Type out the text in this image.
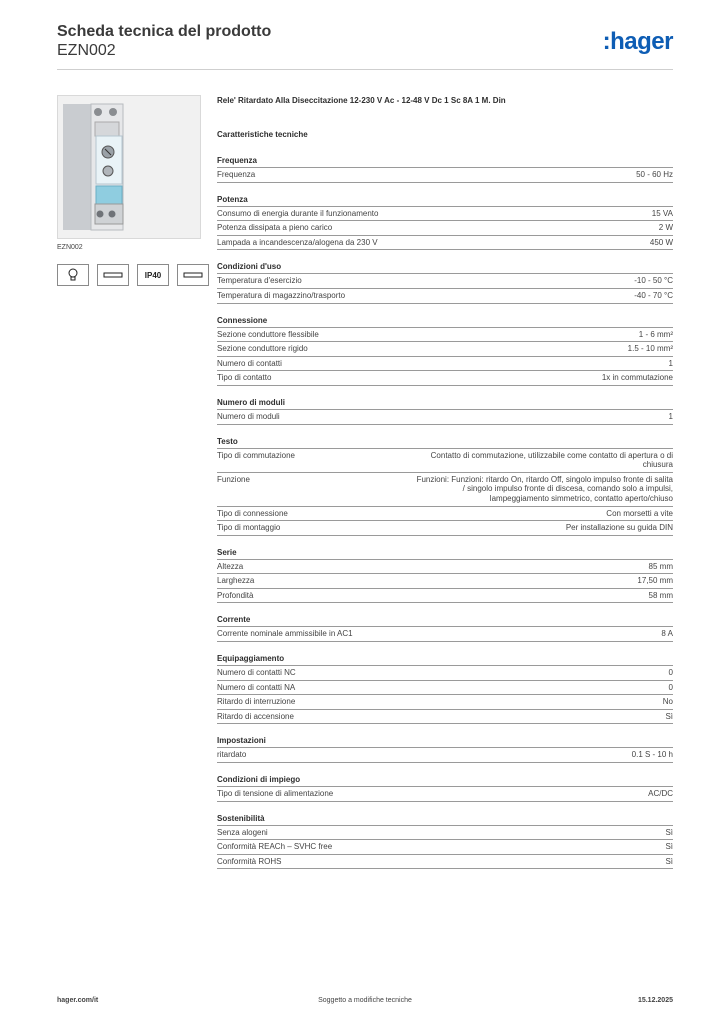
Scheda tecnica del prodotto
EZN002	:hager
EZN002
IP40
Rele' Ritardato Alla Diseccitazione 12-230 V Ac - 12-48 V Dc 1 Sc 8A 1 M. Din
Caratteristiche tecniche
Frequenza
Frequenza	50 - 60 Hz
Potenza
Consumo di energia durante il funzionamento	15 VA
Potenza dissipata a pieno carico	2 W
Lampada a incandescenza/alogena da 230 V	450 W
Condizioni d'uso
Temperatura d'esercizio	-10 - 50 °C
Temperatura di magazzino/trasporto	-40 - 70 °C
Connessione
Sezione conduttore flessibile	1 - 6 mm²
Sezione conduttore rigido	1.5 - 10 mm²
Numero di contatti	1
Tipo di contatto	1x in commutazione
Numero di moduli
Numero di moduli	1
Testo
Tipo di commutazione	Contatto di commutazione, utilizzabile come contatto di apertura o di chiusura
Funzione	Funzioni: Funzioni: ritardo On, ritardo Off, singolo impulso fronte di salita / singolo impulso fronte di discesa, comando solo a impulsi, lampeggiamento simmetrico, contatto aperto/chiuso
Tipo di connessione	Con morsetti a vite
Tipo di montaggio	Per installazione su guida DIN
Serie
Altezza	85 mm
Larghezza	17,50 mm
Profondità	58 mm
Corrente
Corrente nominale ammissibile in AC1	8 A
Equipaggiamento
Numero di contatti NC	0
Numero di contatti NA	0
Ritardo di interruzione	No
Ritardo di accensione	Sì
Impostazioni
ritardato	0.1 S - 10 h
Condizioni di impiego
Tipo di tensione di alimentazione	AC/DC
Sostenibilità
Senza alogeni	Sì
Conformità REACh – SVHC free	Sì
Conformità ROHS	Sì
hager.com/it	Soggetto a modifiche tecniche	15.12.2025
